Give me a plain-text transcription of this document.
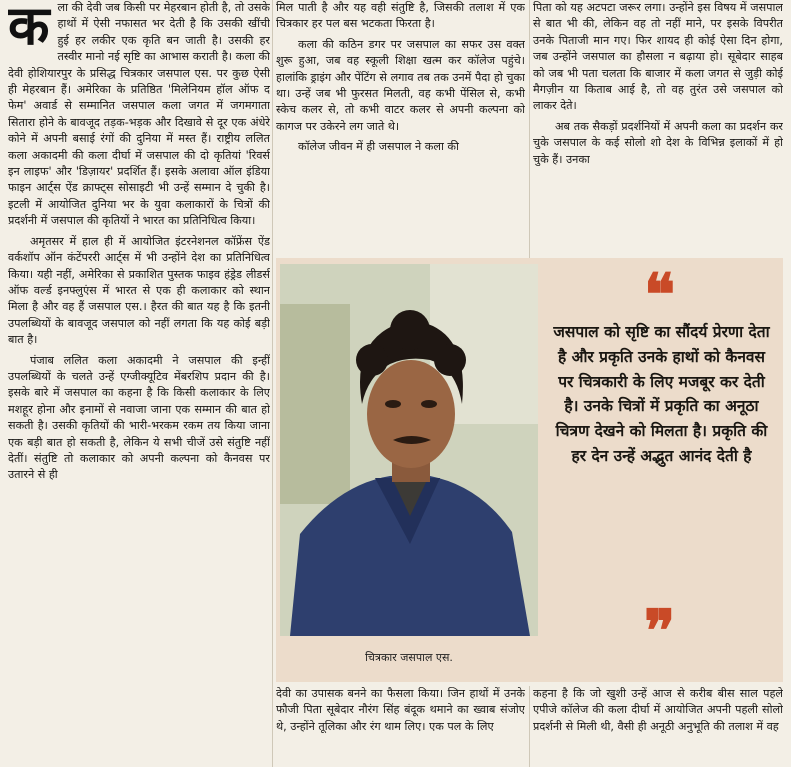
कला की देवी जब किसी पर मेहरबान होती है, तो उसके हाथों में ऐसी नफासत भर देती है कि उसकी खींची हुई हर लकीर एक कृति बन जाती है। उसकी हर तस्वीर मानो नई सृष्टि का आभास कराती है। कला की देवी होशियारपुर के प्रसिद्ध चित्रकार जसपाल एस. पर कुछ ऐसी ही मेहरबान हैं। अमेरिका के प्रतिष्ठित 'मिलेनियम हॉल ऑफ द फेम' अवार्ड से सम्मानित जसपाल कला जगत में जगमगाता सितारा होने के बावजूद तड़क-भड़क और दिखावे से दूर एक अंधेरे कोने में अपनी बसाई रंगों की दुनिया में मस्त हैं। राष्ट्रीय ललित कला अकादमी की कला दीर्घा में जसपाल की दो कृतियां 'रिवर्स इन लाइफ' और 'डिज़ायर' प्रदर्शित हैं। इसके अलावा ऑल इंडिया फाइन आर्ट्स ऐंड क्राफ्ट्स सोसाइटी भी उन्हें सम्मान दे चुकी है। इटली में आयोजित दुनिया भर के युवा कलाकारों के चित्रों की प्रदर्शनी में जसपाल की कृतियों ने भारत का प्रतिनिधित्व किया।

अमृतसर में हाल ही में आयोजित इंटरनेशनल कॉफ्रेंस ऐंड वर्कशॉप ऑन कंटेंपररी आर्ट्स में भी उन्होंने देश का प्रतिनिधित्व किया। यही नहीं, अमेरिका से प्रकाशित पुस्तक फाइव हंड्रेड लीडर्स ऑफ वर्ल्ड इनफ्लुएंस में भारत से एक ही कलाकार को स्थान मिला है और वह हैं जसपाल एस.। हैरत की बात यह है कि इतनी उपलब्धियों के बावजूद जसपाल को नहीं लगता कि यह कोई बड़ी बात है।

पंजाब ललित कला अकादमी ने जसपाल की इन्हीं उपलब्धियों के चलते उन्हें एग्जीक्यूटिव मेंबरशिप प्रदान की है। इसके बारे में जसपाल का कहना है कि किसी कलाकार के लिए मशहूर होना और इनामों से नवाजा जाना एक सम्मान की बात हो सकती है। उसकी कृतियों की भारी-भरकम रकम तय किया जाना एक बड़ी बात हो सकती है, लेकिन ये सभी चीजें उसे संतुष्टि नहीं देतीं। संतुष्टि तो कलाकार को अपनी कल्पना को कैनवस पर उतारने से ही

मिल पाती है और यह वही संतुष्टि है, जिसकी तलाश में एक चित्रकार हर पल बस भटकता फिरता है।

कला की कठिन डगर पर जसपाल का सफर उस वक्त शुरू हुआ, जब वह स्कूली शिक्षा खत्म कर कॉलेज पहुंचे। हालांकि ड्राइंग और पेंटिंग से लगाव तब तक उनमें पैदा हो चुका था। उन्हें जब भी फुरसत मिलती, वह कभी पेंसिल से, कभी स्केच कलर से, तो कभी वाटर कलर से अपनी कल्पना को कागज पर उकेरने लग जाते थे।

कॉलेज जीवन में ही जसपाल ने कला की

पिता को यह अटपटा जरूर लगा। उन्होंने इस विषय में जसपाल से बात भी की, लेकिन वह तो नहीं माने, पर इसके विपरीत उनके पिताजी मान गए। फिर शायद ही कोई ऐसा दिन होगा, जब उन्होंने जसपाल का हौसला न बढ़ाया हो। सूबेदार साहब को जब भी पता चलता कि बाजार में कला जगत से जुड़ी कोई मैगज़ीन या किताब आई है, तो वह तुरंत उसे जसपाल को लाकर देते।

अब तक सैकड़ों प्रदर्शनियों में अपनी कला का प्रदर्शन कर चुके जसपाल के कई सोलो शो देश के विभिन्न इलाकों में हो चुके हैं। उनका

चित्रकार जसपाल एस.
❝
जसपाल को सृष्टि का सौंदर्य प्रेरणा देता है और प्रकृति उनके हाथों को कैनवस पर चित्रकारी के लिए मजबूर कर देती है। उनके चित्रों में प्रकृति का अनूठा चित्रण देखने को मिलता है। प्रकृति की हर देन उन्हें अद्भुत आनंद देती है
❞

देवी का उपासक बनने का फैसला किया। जिन हाथों में उनके फौजी पिता सूबेदार नौरंग सिंह बंदूक थमाने का ख्वाब संजोए थे, उन्होंने तूलिका और रंग थाम लिए। एक पल के लिए

कहना है कि जो खुशी उन्हें आज से करीब बीस साल पहले एपीजे कॉलेज की कला दीर्घा में आयोजित अपनी पहली सोलो प्रदर्शनी से मिली थी, वैसी ही अनूठी अनुभूति की तलाश में वह
